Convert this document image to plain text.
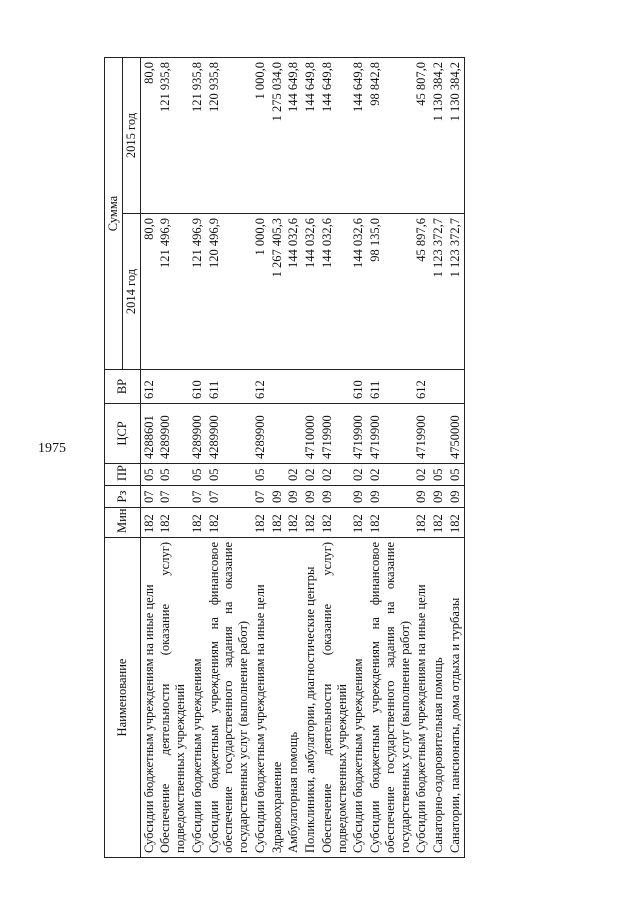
1975
Наименование	Мин	Рз	ПР	ЦСР	ВР	Сумма	
						2014 год	2015 год
Субсидии бюджетным учреждениям на иные цели	182	07	05	4288601	612	80,0	80,0
Обеспечение деятельности (оказание услуг) подведомственных учреждений	182	07	05	4289900		121 496,9	121 935,8
Субсидии бюджетным учреждениям	182	07	05	4289900	610	121 496,9	121 935,8
Субсидии бюджетным учреждениям на финансовое обеспечение государственного задания на оказание государственных услуг (выполнение работ)	182	07	05	4289900	611	120 496,9	120 935,8
Субсидии бюджетным учреждениям на иные цели	182	07	05	4289900	612	1 000,0	1 000,0
Здравоохранение	182	09				1 267 405,3	1 275 034,0
Амбулаторная помощь	182	09	02			144 032,6	144 649,8
Поликлиники, амбулатории, диагностические центры	182	09	02	4710000		144 032,6	144 649,8
Обеспечение деятельности (оказание услуг) подведомственных учреждений	182	09	02	4719900		144 032,6	144 649,8
Субсидии бюджетным учреждениям	182	09	02	4719900	610	144 032,6	144 649,8
Субсидии бюджетным учреждениям на финансовое обеспечение государственного задания на оказание государственных услуг (выполнение работ)	182	09	02	4719900	611	98 135,0	98 842,8
Субсидии бюджетным учреждениям на иные цели	182	09	02	4719900	612	45 897,6	45 807,0
Санаторно-оздоровительная помощь	182	09	05			1 123 372,7	1 130 384,2
Санатории, пансионаты, дома отдыха и турбазы	182	09	05	4750000		1 123 372,7	1 130 384,2
